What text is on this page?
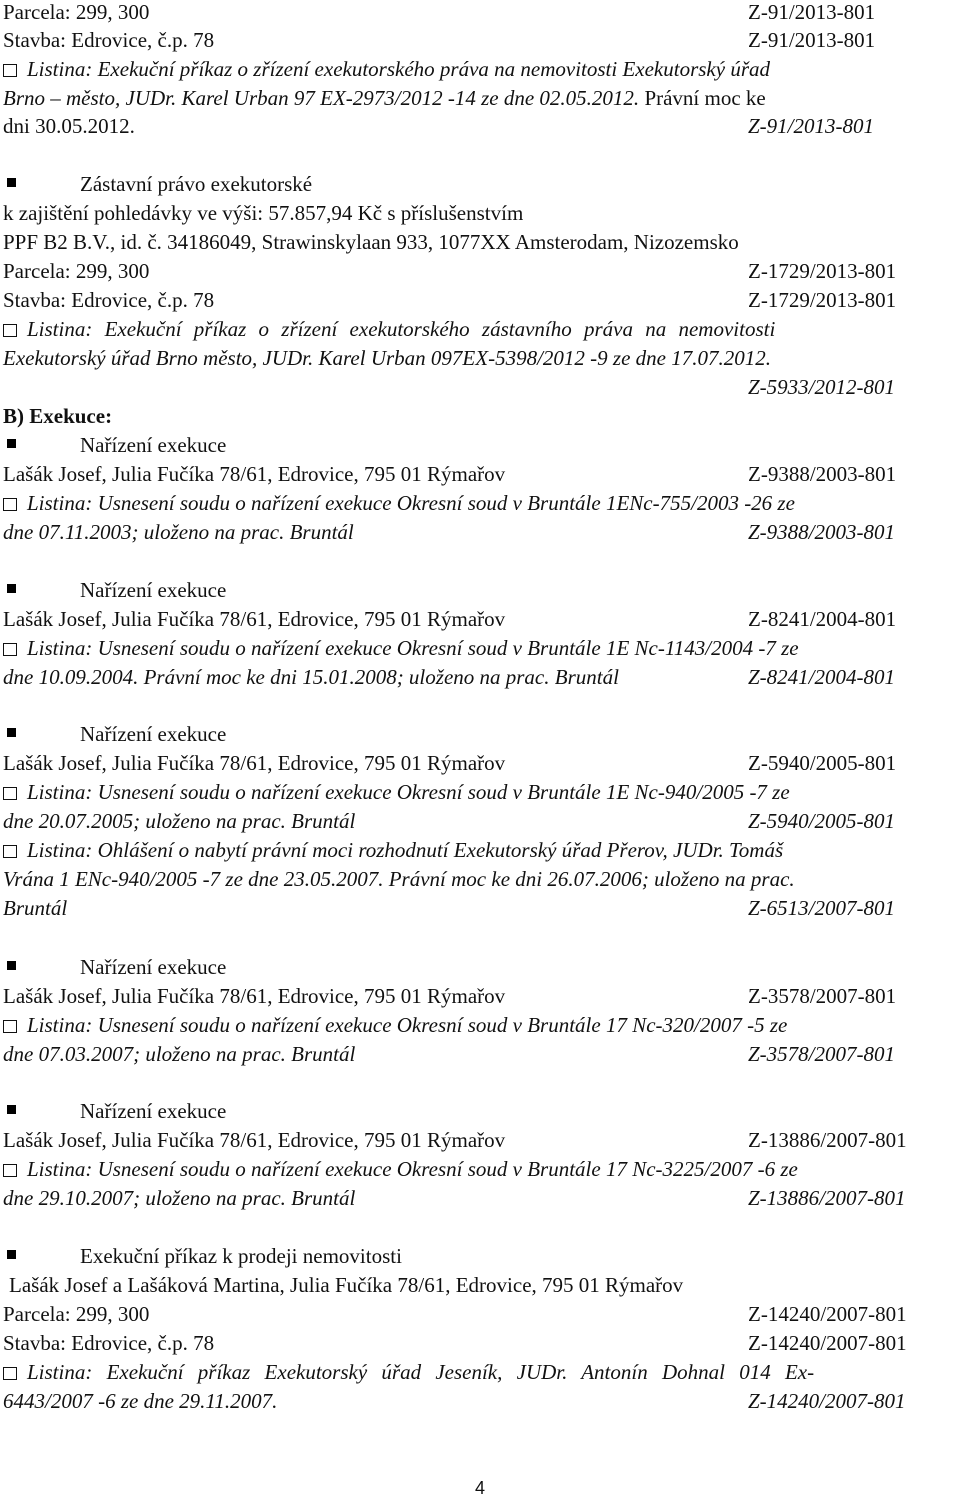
Parcela: 299, 300	Z-91/2013-801
Stavba: Edrovice, č.p. 78	Z-91/2013-801
Listina: Exekuční příkaz o zřízení exekutorského práva na nemovitosti Exekutorský úřad
Brno – město, JUDr. Karel Urban 97 EX-2973/2012 -14 ze dne 02.05.2012. Právní moc ke
dni 30.05.2012.	Z-91/2013-801
Zástavní právo exekutorské
k zajištění pohledávky ve výši: 57.857,94 Kč s příslušenstvím
PPF B2 B.V., id. č. 34186049, Strawinskylaan 933, 1077XX Amsterodam, Nizozemsko
Parcela: 299, 300	Z-1729/2013-801
Stavba: Edrovice, č.p. 78	Z-1729/2013-801
Listina: Exekuční příkaz o zřízení exekutorského zástavního práva na nemovitosti
Exekutorský úřad Brno město, JUDr. Karel Urban 097EX-5398/2012 -9 ze dne 17.07.2012.
Z-5933/2012-801
B) Exekuce:
Nařízení exekuce
Lašák Josef, Julia Fučíka 78/61, Edrovice, 795 01 Rýmařov	Z-9388/2003-801
Listina: Usnesení soudu o nařízení exekuce Okresní soud v Bruntále 1ENc-755/2003 -26 ze
dne 07.11.2003; uloženo na prac. Bruntál	Z-9388/2003-801
Nařízení exekuce
Lašák Josef, Julia Fučíka 78/61, Edrovice, 795 01 Rýmařov	Z-8241/2004-801
Listina: Usnesení soudu o nařízení exekuce Okresní soud v Bruntále 1E Nc-1143/2004 -7 ze
dne 10.09.2004. Právní moc ke dni 15.01.2008; uloženo na prac. Bruntál	Z-8241/2004-801
Nařízení exekuce
Lašák Josef, Julia Fučíka 78/61, Edrovice, 795 01 Rýmařov	Z-5940/2005-801
Listina: Usnesení soudu o nařízení exekuce Okresní soud v Bruntále 1E Nc-940/2005 -7 ze
dne 20.07.2005; uloženo na prac. Bruntál	Z-5940/2005-801
Listina: Ohlášení o nabytí právní moci rozhodnutí Exekutorský úřad Přerov, JUDr. Tomáš
Vrána 1 ENc-940/2005 -7 ze dne 23.05.2007. Právní moc ke dni 26.07.2006; uloženo na prac.
Bruntál	Z-6513/2007-801
Nařízení exekuce
Lašák Josef, Julia Fučíka 78/61, Edrovice, 795 01 Rýmařov	Z-3578/2007-801
Listina: Usnesení soudu o nařízení exekuce Okresní soud v Bruntále 17 Nc-320/2007 -5 ze
dne 07.03.2007; uloženo na prac. Bruntál	Z-3578/2007-801
Nařízení exekuce
Lašák Josef, Julia Fučíka 78/61, Edrovice, 795 01 Rýmařov	Z-13886/2007-801
Listina: Usnesení soudu o nařízení exekuce Okresní soud v Bruntále 17 Nc-3225/2007 -6 ze
dne 29.10.2007; uloženo na prac. Bruntál	Z-13886/2007-801
Exekuční příkaz k prodeji nemovitosti
Lašák Josef a Lašáková Martina, Julia Fučíka 78/61, Edrovice, 795 01 Rýmařov
Parcela: 299, 300	Z-14240/2007-801
Stavba: Edrovice, č.p. 78	Z-14240/2007-801
Listina: Exekuční příkaz Exekutorský úřad Jeseník, JUDr. Antonín Dohnal 014 Ex-
6443/2007 -6 ze dne 29.11.2007.	Z-14240/2007-801
4
